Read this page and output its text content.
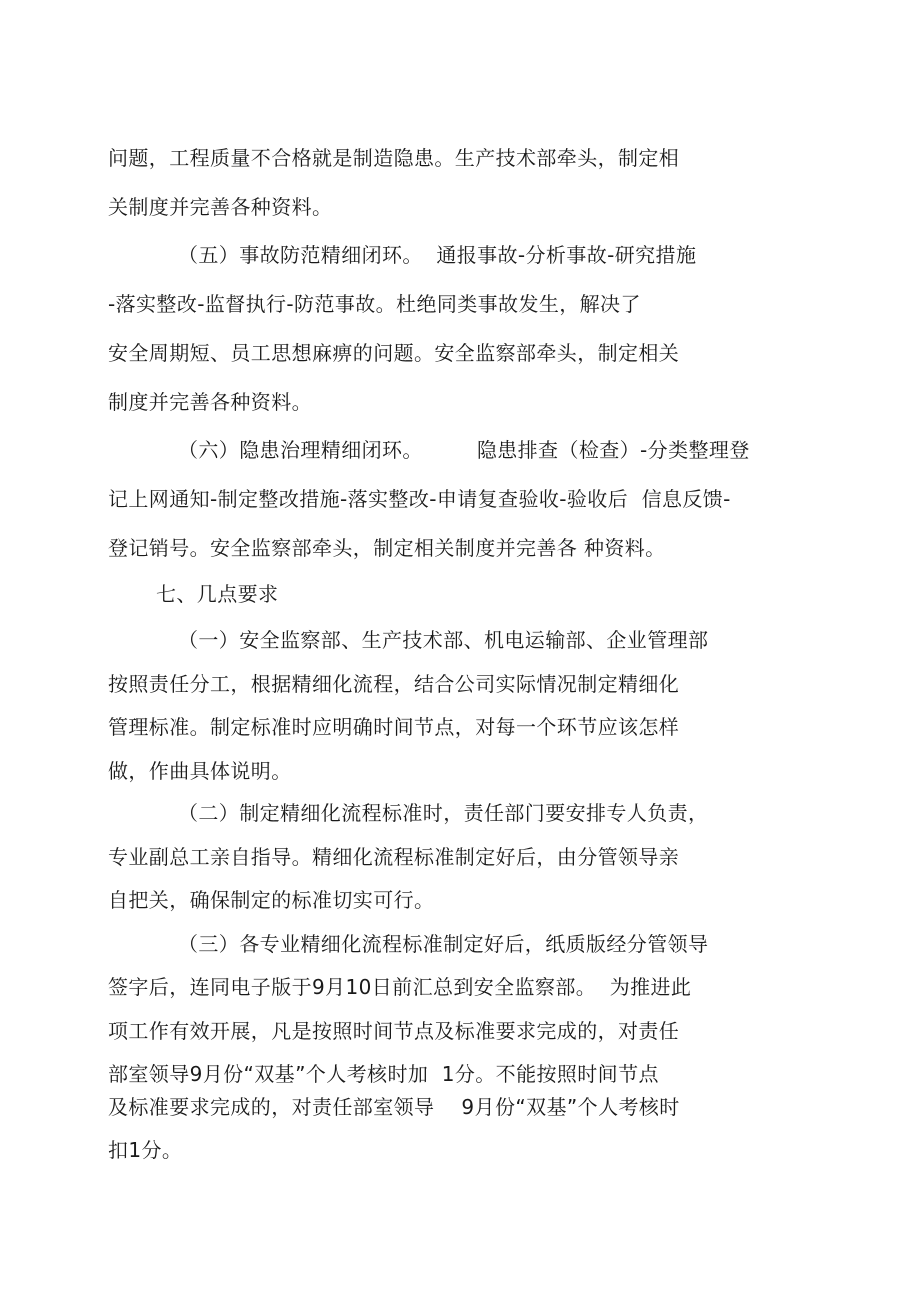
问题，工程质量不合格就是制造隐患。生产技术部牵头，制定相
关制度并完善各种资料。
（五）事故防范精细闭环。  通报事故-分析事故-研究措施
-落实整改-监督执行-防范事故。杜绝同类事故发生，解决了
安全周期短、员工思想麻痹的问题。安全监察部牵头，制定相关
制度并完善各种资料。
（六）隐患治理精细闭环。        隐患排查（检查）-分类整理登
记上网通知-制定整改措施-落实整改-申请复查验收-验收后  信息反馈-
登记销号。安全监察部牵头，制定相关制度并完善各 种资料。
七、几点要求
（一）安全监察部、生产技术部、机电运输部、企业管理部
按照责任分工，根据精细化流程，结合公司实际情况制定精细化
管理标准。制定标准时应明确时间节点，对每一个环节应该怎样
做，作曲具体说明。
（二）制定精细化流程标准时，责任部门要安排专人负责，
专业副总工亲自指导。精细化流程标准制定好后，由分管领导亲
自把关，确保制定的标准切实可行。
（三）各专业精细化流程标准制定好后，纸质版经分管领导
签字后，连同电子版于9月10日前汇总到安全监察部。  为推进此
项工作有效开展，凡是按照时间节点及标准要求完成的，对责任
部室领导9月份“双基”个人考核时加  1分。不能按照时间节点
及标准要求完成的，对责任部室领导    9月份“双基”个人考核时
扣1分。
